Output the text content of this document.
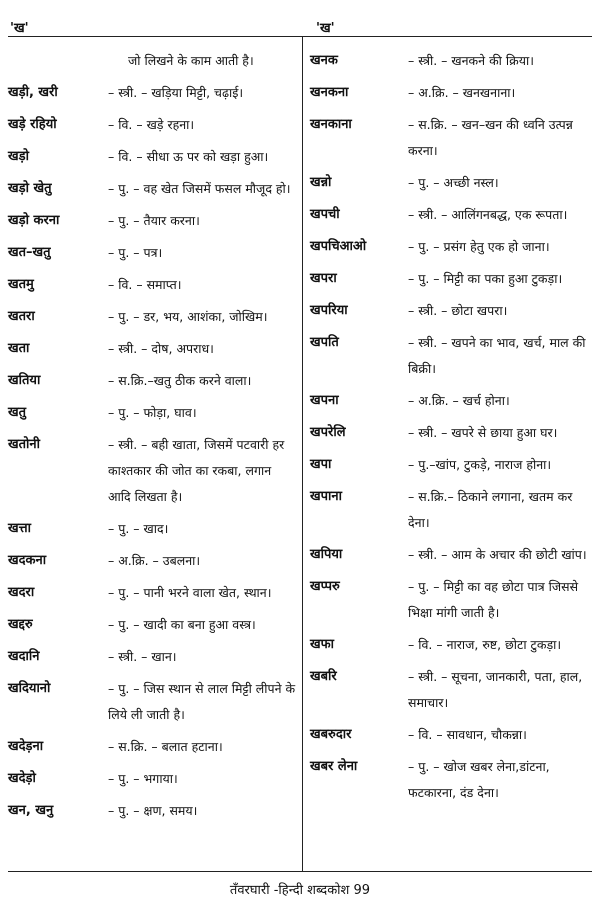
'ख'	'ख'
जो लिखने के काम आती है।
खड़ी, खरी	– स्त्री. – खड़िया मिट्टी, चढ़ाई।
खड़े रहियो	– वि. – खड़े रहना।
खड़ो	– वि. – सीधा ऊ पर को खड़ा हुआ।
खड़ो खेतु	– पु. – वह खेत जिसमें फसल मौजूद हो।
खड़ो करना	– पु. – तैयार करना।
खत–खतु	– पु. – पत्र।
खतमु	– वि. – समाप्त।
खतरा	– पु. – डर, भय, आशंका, जोखिम।
खता	– स्त्री. – दोष, अपराध।
खतिया	– स.क्रि.–खतु ठीक करने वाला।
खतु	– पु. – फोड़ा, घाव।
खतोनी	– स्त्री. – बही खाता, जिसमें पटवारी हर काश्तकार की जोत का रकबा, लगान आदि लिखता है।
खत्ता	– पु. – खाद।
खदकना	– अ.क्रि. – उबलना।
खदरा	– पु. – पानी भरने वाला खेत, स्थान।
खद्दरु	– पु. – खादी का बना हुआ वस्त्र।
खदानि	– स्त्री. – खान।
खदियानो	– पु. – जिस स्थान से लाल मिट्टी लीपने के लिये ली जाती है।
खदेड़ना	– स.क्रि. – बलात हटाना।
खदेड़ो	– पु. – भगाया।
खन, खनु	– पु. – क्षण, समय।
खनक	– स्त्री. – खनकने की क्रिया।
खनकना	– अ.क्रि. – खनखनाना।
खनकाना	– स.क्रि. – खन–खन की ध्वनि उत्पन्न करना।
खन्नो	– पु. – अच्छी नस्ल।
खपची	– स्त्री. – आलिंगनबद्ध, एक रूपता।
खपचिआओ	– पु. – प्रसंग हेतु एक हो जाना।
खपरा	– पु. – मिट्टी का पका हुआ टुकड़ा।
खपरिया	– स्त्री. – छोटा खपरा।
खपति	– स्त्री. – खपने का भाव, खर्च, माल की बिक्री।
खपना	– अ.क्रि. – खर्च होना।
खपरेलि	– स्त्री. – खपरे से छाया हुआ घर।
खपा	– पु.–खांप, टुकड़े, नाराज होना।
खपाना	– स.क्रि.– ठिकाने लगाना, खतम कर देना।
खपिया	– स्त्री. – आम के अचार की छोटी खांप।
खप्परु	– पु. – मिट्टी का वह छोटा पात्र जिससे भिक्षा मांगी जाती है।
खफा	– वि. – नाराज, रुष्ट, छोटा टुकड़ा।
खबरि	– स्त्री. – सूचना, जानकारी, पता, हाल, समाचार।
खबरुदार	– वि. – सावधान, चौकन्ना।
खबर लेना	– पु. – खोज खबर लेना,डांटना, फटकारना, दंड देना।
तँवरघारी -हिन्दी शब्दकोश 99
